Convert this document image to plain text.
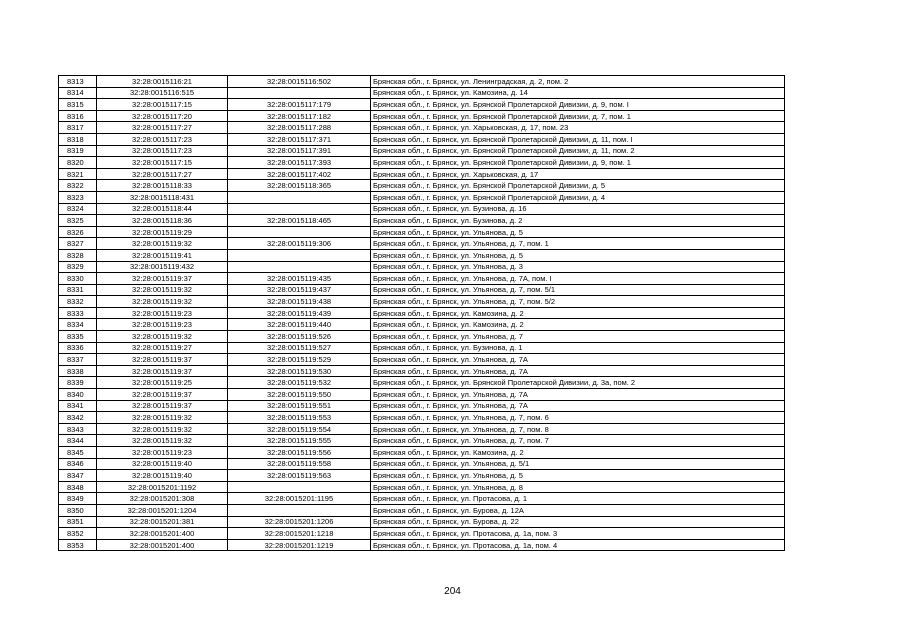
8313	32:28:0015116:21	32:28:0015116:502	Брянская обл., г. Брянск, ул. Ленинградская, д. 2, пом. 2
8314	32:28:0015116:515		Брянская обл., г. Брянск, ул. Камозина, д. 14
8315	32:28:0015117:15	32:28:0015117:179	Брянская обл., г. Брянск, ул. Брянской Пролетарской Дивизии, д. 9, пом. I
8316	32:28:0015117:20	32:28:0015117:182	Брянская обл., г. Брянск, ул. Брянской Пролетарской Дивизии, д. 7, пом. 1
8317	32:28:0015117:27	32:28:0015117:288	Брянская обл., г. Брянск, ул. Харьковская, д. 17, пом. 23
8318	32:28:0015117:23	32:28:0015117:371	Брянская обл., г. Брянск, ул. Брянской Пролетарской Дивизии, д. 11, пом. I
8319	32:28:0015117:23	32:28:0015117:391	Брянская обл., г. Брянск, ул. Брянской Пролетарской Дивизии, д. 11, пом. 2
8320	32:28:0015117:15	32:28:0015117:393	Брянская обл., г. Брянск, ул. Брянской Пролетарской Дивизии, д. 9, пом. 1
8321	32:28:0015117:27	32:28:0015117:402	Брянская обл., г. Брянск, ул. Харьковская, д. 17
8322	32:28:0015118:33	32:28:0015118:365	Брянская обл., г. Брянск, ул. Брянской Пролетарской Дивизии, д. 5
8323	32:28:0015118:431		Брянская обл., г. Брянск, ул. Брянской Пролетарской Дивизии, д. 4
8324	32:28:0015118:44		Брянская обл., г. Брянск, ул. Бузинова, д. 16
8325	32:28:0015118:36	32:28:0015118:465	Брянская обл., г. Брянск, ул. Бузинова, д. 2
8326	32:28:0015119:29		Брянская обл., г. Брянск, ул. Ульянова, д. 5
8327	32:28:0015119:32	32:28:0015119:306	Брянская обл., г. Брянск, ул. Ульянова, д. 7, пом. 1
8328	32:28:0015119:41		Брянская обл., г. Брянск, ул. Ульянова, д. 5
8329	32:28:0015119:432		Брянская обл., г. Брянск, ул. Ульянова, д. 3
8330	32:28:0015119:37	32:28:0015119:435	Брянская обл., г. Брянск, ул. Ульянова, д. 7А, пом. I
8331	32:28:0015119:32	32:28:0015119:437	Брянская обл., г. Брянск, ул. Ульянова, д. 7, пом. 5/1
8332	32:28:0015119:32	32:28:0015119:438	Брянская обл., г. Брянск, ул. Ульянова, д. 7, пом. 5/2
8333	32:28:0015119:23	32:28:0015119:439	Брянская обл., г. Брянск, ул. Камозина, д. 2
8334	32:28:0015119:23	32:28:0015119:440	Брянская обл., г. Брянск, ул. Камозина, д. 2
8335	32:28:0015119:32	32:28:0015119:526	Брянская обл., г. Брянск, ул. Ульянова, д. 7
8336	32:28:0015119:27	32:28:0015119:527	Брянская обл., г. Брянск, ул. Бузинова, д. 1
8337	32:28:0015119:37	32:28:0015119:529	Брянская обл., г. Брянск, ул. Ульянова, д. 7А
8338	32:28:0015119:37	32:28:0015119:530	Брянская обл., г. Брянск, ул. Ульянова, д. 7А
8339	32:28:0015119:25	32:28:0015119:532	Брянская обл., г. Брянск, ул. Брянской Пролетарской Дивизии, д. 3а, пом. 2
8340	32:28:0015119:37	32:28:0015119:550	Брянская обл., г. Брянск, ул. Ульянова, д. 7А
8341	32:28:0015119:37	32:28:0015119:551	Брянская обл., г. Брянск, ул. Ульянова, д. 7А
8342	32:28:0015119:32	32:28:0015119:553	Брянская обл., г. Брянск, ул. Ульянова, д. 7, пом. 6
8343	32:28:0015119:32	32:28:0015119:554	Брянская обл., г. Брянск, ул. Ульянова, д. 7, пом. 8
8344	32:28:0015119:32	32:28:0015119:555	Брянская обл., г. Брянск, ул. Ульянова, д. 7, пом. 7
8345	32:28:0015119:23	32:28:0015119:556	Брянская обл., г. Брянск, ул. Камозина, д. 2
8346	32:28:0015119:40	32:28:0015119:558	Брянская обл., г. Брянск, ул. Ульянова, д. 5/1
8347	32:28:0015119:40	32:28:0015119:563	Брянская обл., г. Брянск, ул. Ульянова, д. 5
8348	32:28:0015201:1192		Брянская обл., г. Брянск, ул. Ульянова, д. 8
8349	32:28:0015201:308	32:28:0015201:1195	Брянская обл., г. Брянск, ул. Протасова, д. 1
8350	32:28:0015201:1204		Брянская обл., г. Брянск, ул. Бурова, д. 12А
8351	32:28:0015201:381	32:28:0015201:1206	Брянская обл., г. Брянск, ул. Бурова, д. 22
8352	32:28:0015201:400	32:28:0015201:1218	Брянская обл., г. Брянск, ул. Протасова, д. 1а, пом. 3
8353	32:28:0015201:400	32:28:0015201:1219	Брянская обл., г. Брянск, ул. Протасова, д. 1а, пом. 4
204
